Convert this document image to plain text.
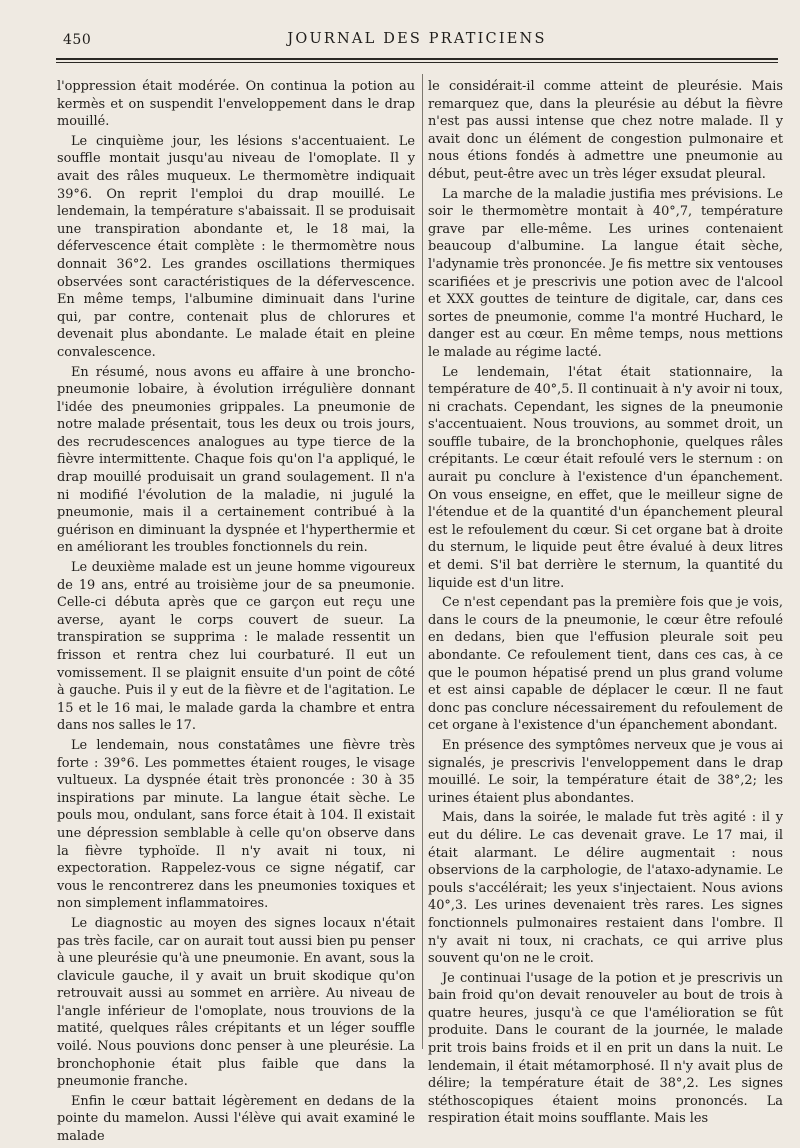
450	JOURNAL DES PRATICIENS

l'oppression était modérée. On continua la potion au kermès et on suspendit l'enveloppement dans le drap mouillé.

Le cinquième jour, les lésions s'accentuaient. Le souffle montait jusqu'au niveau de l'omoplate. Il y avait des râles muqueux. Le thermomètre indiquait 39°6. On reprit l'emploi du drap mouillé. Le lendemain, la température s'abaissait. Il se produisait une transpiration abondante et, le 18 mai, la défervescence était complète : le thermomètre nous donnait 36°2. Les grandes oscillations thermiques observées sont caractéristiques de la défervescence. En même temps, l'albumine diminuait dans l'urine qui, par contre, contenait plus de chlorures et devenait plus abondante. Le malade était en pleine convalescence.

En résumé, nous avons eu affaire à une broncho-pneumonie lobaire, à évolution irrégulière donnant l'idée des pneumonies grippales. La pneumonie de notre malade présentait, tous les deux ou trois jours, des recrudescences analogues au type tierce de la fièvre intermittente. Chaque fois qu'on l'a appliqué, le drap mouillé produisait un grand soulagement. Il n'a ni modifié l'évolution de la maladie, ni jugulé la pneumonie, mais il a certainement contribué à la guérison en diminuant la dyspnée et l'hyperthermie et en améliorant les troubles fonctionnels du rein.

Le deuxième malade est un jeune homme vigoureux de 19 ans, entré au troisième jour de sa pneumonie. Celle-ci débuta après que ce garçon eut reçu une averse, ayant le corps couvert de sueur. La transpiration se supprima : le malade ressentit un frisson et rentra chez lui courbaturé. Il eut un vomissement. Il se plaignit ensuite d'un point de côté à gauche. Puis il y eut de la fièvre et de l'agitation. Le 15 et le 16 mai, le malade garda la chambre et entra dans nos salles le 17.

Le lendemain, nous constatâmes une fièvre très forte : 39°6. Les pommettes étaient rouges, le visage vultueux. La dyspnée était très prononcée : 30 à 35 inspirations par minute. La langue était sèche. Le pouls mou, ondulant, sans force était à 104. Il existait une dépression semblable à celle qu'on observe dans la fièvre typhoïde. Il n'y avait ni toux, ni expectoration. Rappelez-vous ce signe négatif, car vous le rencontrerez dans les pneumonies toxiques et non simplement inflammatoires.

Le diagnostic au moyen des signes locaux n'était pas très facile, car on aurait tout aussi bien pu penser à une pleurésie qu'à une pneumonie. En avant, sous la clavicule gauche, il y avait un bruit skodique qu'on retrouvait aussi au sommet en arrière. Au niveau de l'angle inférieur de l'omoplate, nous trouvions de la matité, quelques râles crépitants et un léger souffle voilé. Nous pouvions donc penser à une pleurésie. La bronchophonie était plus faible que dans la pneumonie franche.

Enfin le cœur battait légèrement en dedans de la pointe du mamelon. Aussi l'élève qui avait examiné le malade

le considérait-il comme atteint de pleurésie. Mais remarquez que, dans la pleurésie au début la fièvre n'est pas aussi intense que chez notre malade. Il y avait donc un élément de congestion pulmonaire et nous étions fondés à admettre une pneumonie au début, peut-être avec un très léger exsudat pleural.

La marche de la maladie justifia mes prévisions. Le soir le thermomètre montait à 40°,7, température grave par elle-même. Les urines contenaient beaucoup d'albumine. La langue était sèche, l'adynamie très prononcée. Je fis mettre six ventouses scarifiées et je prescrivis une potion avec de l'alcool et XXX gouttes de teinture de digitale, car, dans ces sortes de pneumonie, comme l'a montré Huchard, le danger est au cœur. En même temps, nous mettions le malade au régime lacté.

Le lendemain, l'état était stationnaire, la température de 40°,5. Il continuait à n'y avoir ni toux, ni crachats. Cependant, les signes de la pneumonie s'accentuaient. Nous trouvions, au sommet droit, un souffle tubaire, de la bronchophonie, quelques râles crépitants. Le cœur était refoulé vers le sternum : on aurait pu conclure à l'existence d'un épanchement. On vous enseigne, en effet, que le meilleur signe de l'étendue et de la quantité d'un épanchement pleural est le refoulement du cœur. Si cet organe bat à droite du sternum, le liquide peut être évalué à deux litres et demi. S'il bat derrière le sternum, la quantité du liquide est d'un litre.

Ce n'est cependant pas la première fois que je vois, dans le cours de la pneumonie, le cœur être refoulé en dedans, bien que l'effusion pleurale soit peu abondante. Ce refoulement tient, dans ces cas, à ce que le poumon hépatisé prend un plus grand volume et est ainsi capable de déplacer le cœur. Il ne faut donc pas conclure nécessairement du refoulement de cet organe à l'existence d'un épanchement abondant.

En présence des symptômes nerveux que je vous ai signalés, je prescrivis l'enveloppement dans le drap mouillé. Le soir, la température était de 38°,2; les urines étaient plus abondantes.

Mais, dans la soirée, le malade fut très agité : il y eut du délire. Le cas devenait grave. Le 17 mai, il était alarmant. Le délire augmentait : nous observions de la carphologie, de l'ataxo-adynamie. Le pouls s'accélérait; les yeux s'injectaient. Nous avions 40°,3. Les urines devenaient très rares. Les signes fonctionnels pulmonaires restaient dans l'ombre. Il n'y avait ni toux, ni crachats, ce qui arrive plus souvent qu'on ne le croit.

Je continuai l'usage de la potion et je prescrivis un bain froid qu'on devait renouveler au bout de trois à quatre heures, jusqu'à ce que l'amélioration se fût produite. Dans le courant de la journée, le malade prit trois bains froids et il en prit un dans la nuit. Le lendemain, il était métamorphosé. Il n'y avait plus de délire; la température était de 38°,2. Les signes stéthoscopiques étaient moins prononcés. La respiration était moins soufflante. Mais les
